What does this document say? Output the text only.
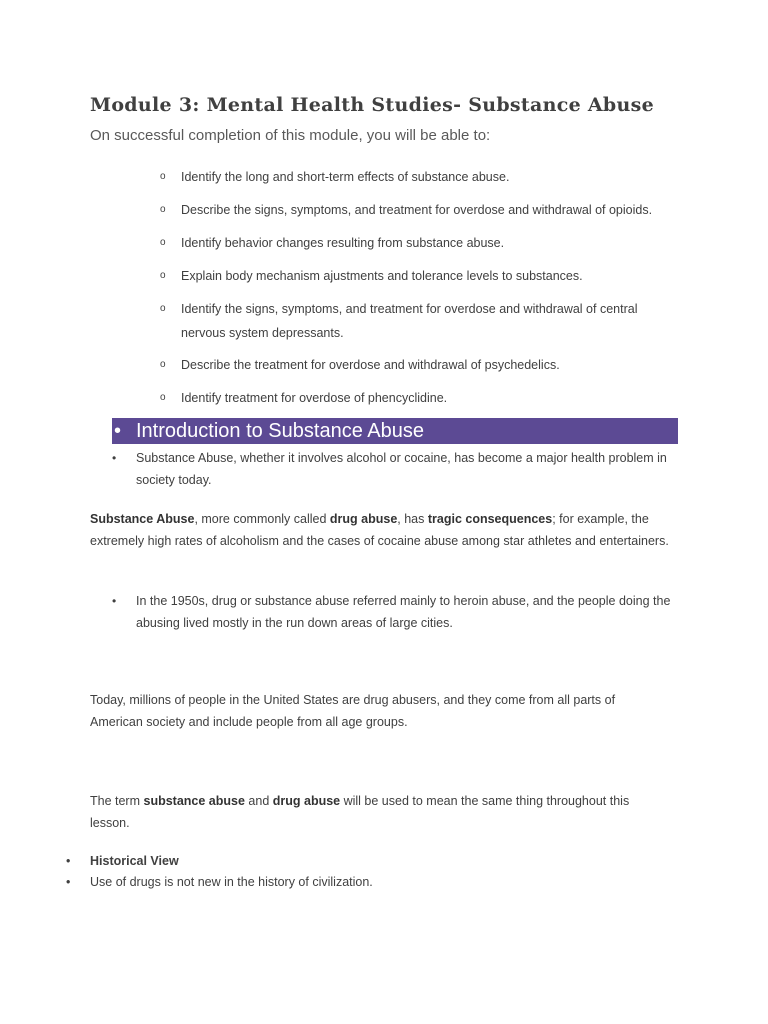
Module 3: Mental Health Studies- Substance Abuse

On successful completion of this module, you will be able to:

o Identify the long and short-term effects of substance abuse.
o Describe the signs, symptoms, and treatment for overdose and withdrawal of opioids.
o Identify behavior changes resulting from substance abuse.
o Explain body mechanism ajustments and tolerance levels to substances.
o Identify the signs, symptoms, and treatment for overdose and withdrawal of central nervous system depressants.
o Describe the treatment for overdose and withdrawal of psychedelics.
o Identify treatment for overdose of phencyclidine.
• Introduction to Substance Abuse
• Substance Abuse, whether it involves alcohol or cocaine, has become a major health problem in society today.

Substance Abuse, more commonly called drug abuse, has tragic consequences; for example, the extremely high rates of alcoholism and the cases of cocaine abuse among star athletes and entertainers.

• In the 1950s, drug or substance abuse referred mainly to heroin abuse, and the people doing the abusing lived mostly in the run down areas of large cities.

Today, millions of people in the United States are drug abusers, and they come from all parts of American society and include people from all age groups.

The term substance abuse and drug abuse will be used to mean the same thing throughout this lesson.

• Historical View
• Use of drugs is not new in the history of civilization.
